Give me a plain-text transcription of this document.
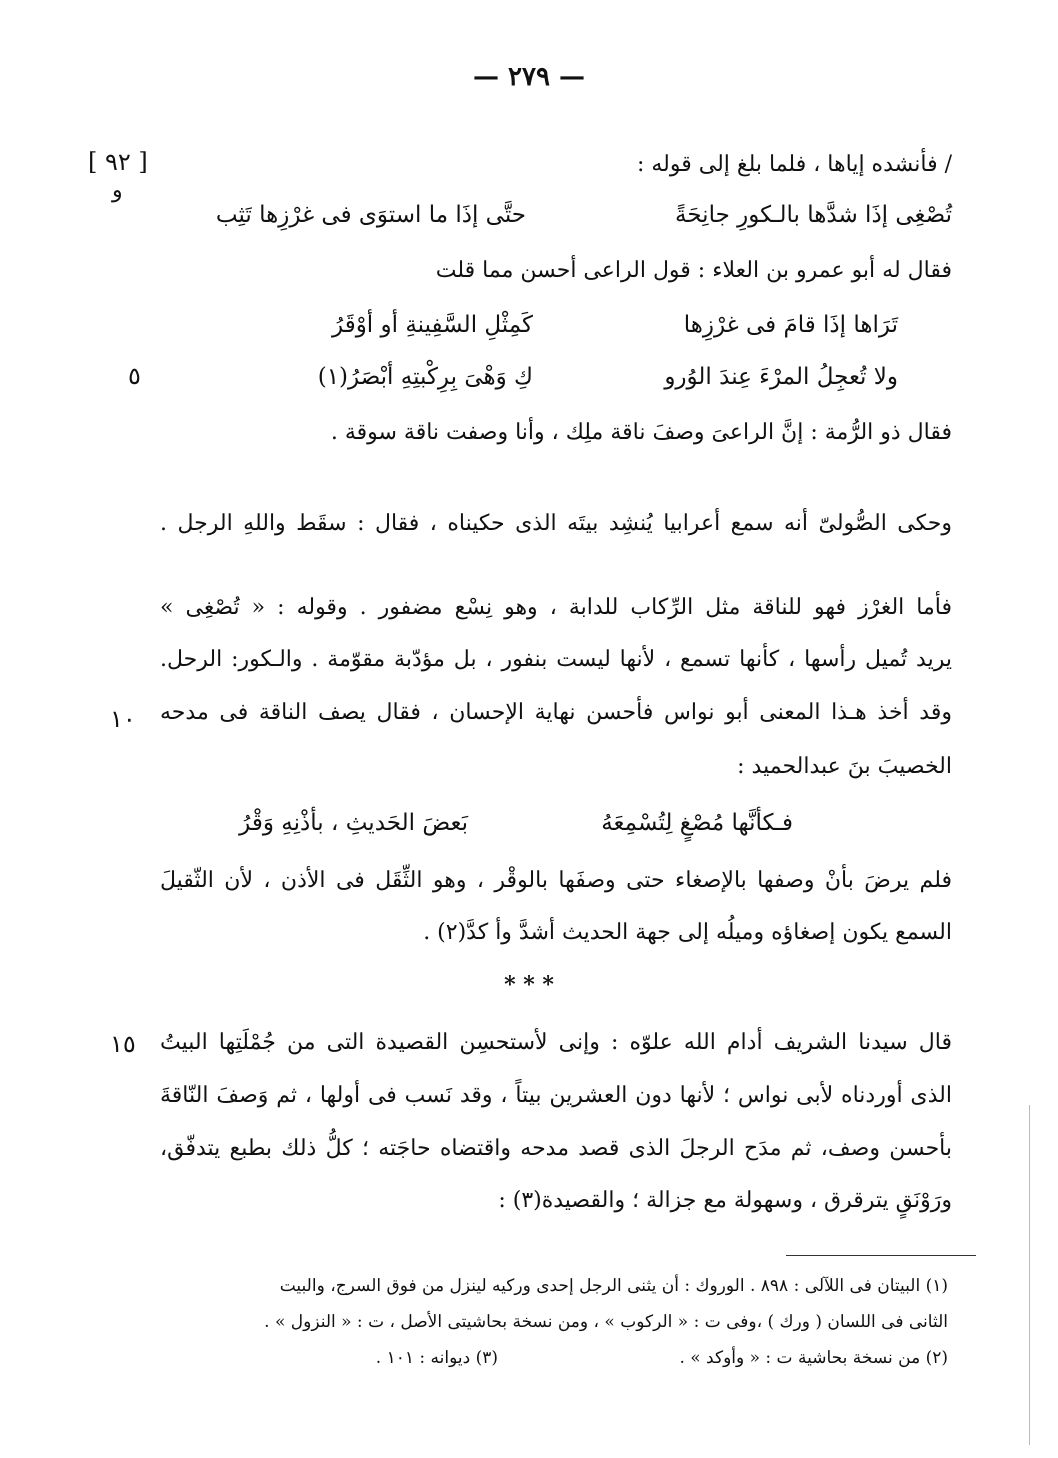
— ٢٧٩ —
[ ٩٢ ]
و
٥
١٠
١٥
/ فأنشده إياها ، فلما بلغ إلى قوله :
تُصْغِى إذَا شدَّها بالـكورِ جانِحَةً
حتَّى إذَا ما استوَى فى غرْزِها تَثِب
فقال له أبو عمرو بن العلاء : قول الراعى أحسن مما قلت
تَرَاها إذَا قامَ فى غرْزِها
كَمِثْلِ السَّفِينةِ أو أوْقَرُ
ولا تُعجِلُ المرْءَ عِندَ الوُرو
كِ وَهْىَ بِرِكْبتِهِ أبْصَرُ(١)
فقال ذو الرُّمة : إنَّ الراعىَ وصفَ ناقة ملِك ، وأنا وصفت ناقة سوقة .
وحكى الصُّولىّ أنه سمع أعرابيا يُنشِد بيتَه الذى حكيناه ، فقال : سقَط واللهِ الرجل .
فأما الغرْز فهو للناقة مثل الرِّكاب للدابة ، وهو نِسْع مضفور . وقوله : « تُصْغِى »
يريد تُميل رأسها ، كأنها تسمع ، لأنها ليست بنفور ، بل مؤدّبة مقوّمة . والـكور: الرحل.
وقد أخذ هـذا المعنى أبو نواس فأحسن نهاية الإحسان ، فقال يصف الناقة فى مدحه
الخصيبَ بنَ عبدالحميد :
فـكأنَّها مُصْغٍ لِتُسْمِعَهُ
بَعضَ الحَديثِ ، بأذْنِهِ وَقْرُ
فلم يرضَ بأنْ وصفها بالإصغاء حتى وصفَها بالوقْر ، وهو الثِّقَل فى الأذن ، لأن الثّقيلَ
السمع يكون إصغاؤه وميلُه إلى جهة الحديث أشدَّ وأ كدَّ(٢) .
* * *
قال سيدنا الشريف أدام الله علوّه : وإنى لأستحسِن القصيدة التى من جُمْلَتِها البيتُ
الذى أوردناه لأبى نواس ؛ لأنها دون العشرين بيتاً ، وقد نَسب فى أولها ، ثم وَصفَ النّاقةَ
بأحسن وصف، ثم مدَح الرجلَ الذى قصد مدحه واقتضاه حاجَته ؛ كلُّ ذلك بطبع يتدفّق،
ورَوْنَقٍ يترقرق ، وسهولة مع جزالة ؛ والقصيدة(٣) :
(١) البيتان فى اللآلى : ٨٩٨ . الوروك : أن يثنى الرجل إحدى وركيه لينزل من فوق السرج، والبيت
الثانى فى اللسان ( ورك ) ،وفى ت : « الركوب » ، ومن نسخة بحاشيتى الأصل ، ت : « النزول » .
(٢) من نسخة بحاشية ت : « وأوكد » .
(٣) ديوانه : ١٠١ .
